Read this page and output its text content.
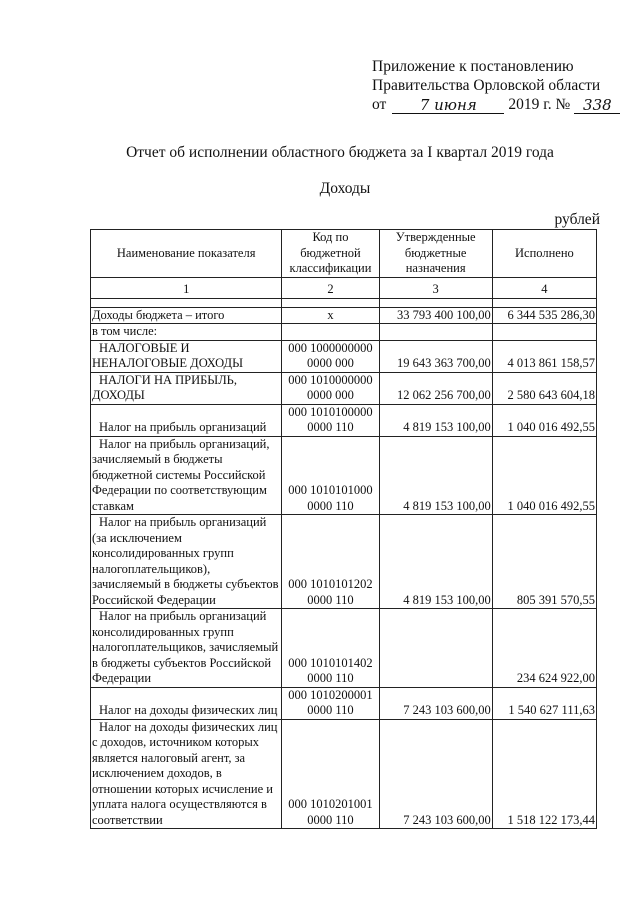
Приложение к постановлению
Правительства Орловской области
от	7 июня	2019 г. № 338
Отчет об исполнении областного бюджета за I квартал 2019 года
Доходы
рублей
Наименование показателя	Код по бюджетной классификации	Утвержденные бюджетные назначения	Исполнено
1	2	3	4

Доходы бюджета – итого	x	33 793 400 100,00	6 344 535 286,30
в том числе:			
НАЛОГОВЫЕ И НЕНАЛОГОВЫЕ ДОХОДЫ	000 1000000000 0000 000	19 643 363 700,00	4 013 861 158,57
НАЛОГИ НА ПРИБЫЛЬ, ДОХОДЫ	000 1010000000 0000 000	12 062 256 700,00	2 580 643 604,18
Налог на прибыль организаций	000 1010100000 0000 110	4 819 153 100,00	1 040 016 492,55
Налог на прибыль организаций, зачисляемый в бюджеты бюджетной системы Российской Федерации по соответствующим ставкам	000 1010101000 0000 110	4 819 153 100,00	1 040 016 492,55
Налог на прибыль организаций (за исключением консолидированных групп налогоплательщиков), зачисляемый в бюджеты субъектов Российской Федерации	000 1010101202 0000 110	4 819 153 100,00	805 391 570,55
Налог на прибыль организаций консолидированных групп налогоплательщиков, зачисляемый в бюджеты субъектов Российской Федерации	000 1010101402 0000 110		234 624 922,00
Налог на доходы физических лиц	000 1010200001 0000 110	7 243 103 600,00	1 540 627 111,63
Налог на доходы физических лиц с доходов, источником которых является налоговый агент, за исключением доходов, в отношении которых исчисление и уплата налога осуществляются в соответствии	000 1010201001 0000 110	7 243 103 600,00	1 518 122 173,44
